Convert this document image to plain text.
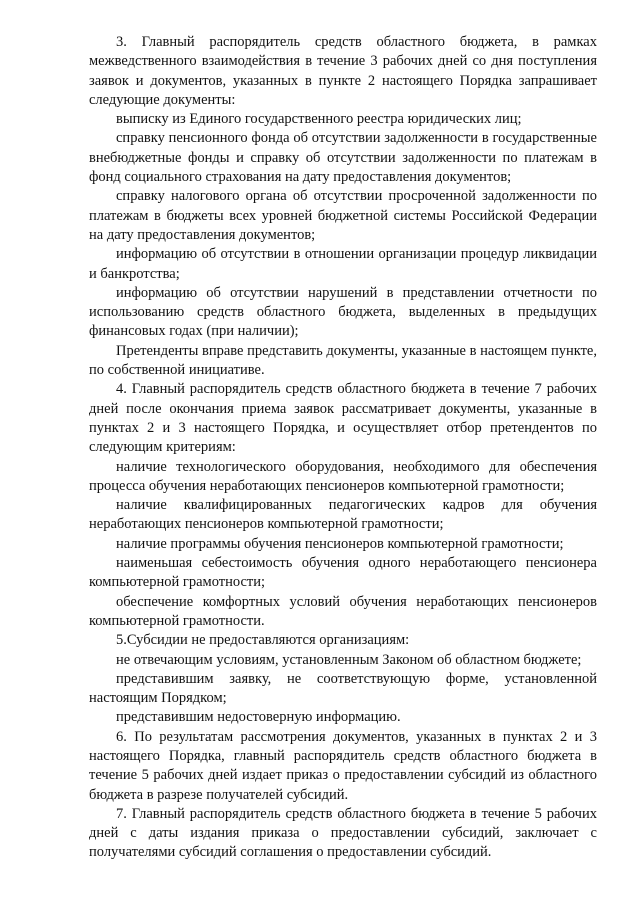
3. Главный распорядитель средств областного бюджета, в рамках межведственного взаимодействия в течение 3 рабочих дней со дня поступления заявок и документов, указанных в пункте 2 настоящего Порядка запрашивает следующие документы:

выписку из Единого государственного реестра юридических лиц;

справку пенсионного фонда об отсутствии задолженности в государственные внебюджетные фонды и справку об отсутствии задолженности по платежам в фонд социального страхования на дату предоставления документов;

справку налогового органа об отсутствии просроченной задолженности по платежам в бюджеты всех уровней бюджетной системы Российской Федерации на дату предоставления документов;

информацию об отсутствии в отношении организации процедур ликвидации и банкротства;

информацию об отсутствии нарушений в представлении отчетности по использованию средств областного бюджета, выделенных в предыдущих финансовых годах (при наличии);

Претенденты вправе представить документы, указанные в настоящем пункте, по собственной инициативе.

4. Главный распорядитель средств областного бюджета в течение 7 рабочих дней после окончания приема заявок рассматривает документы, указанные в пунктах 2 и 3 настоящего Порядка, и осуществляет отбор претендентов по следующим критериям:

наличие технологического оборудования, необходимого для обеспечения процесса обучения неработающих пенсионеров компьютерной грамотности;

наличие квалифицированных педагогических кадров для обучения неработающих пенсионеров компьютерной грамотности;

наличие программы обучения пенсионеров компьютерной грамотности;

наименьшая себестоимость обучения одного неработающего пенсионера компьютерной грамотности;

обеспечение комфортных условий обучения неработающих пенсионеров компьютерной грамотности.

5.Субсидии не предоставляются организациям:

не отвечающим условиям, установленным Законом об областном бюджете;

представившим заявку, не соответствующую форме, установленной настоящим Порядком;

представившим недостоверную информацию.

6. По результатам рассмотрения документов, указанных в пунктах 2 и 3 настоящего Порядка, главный распорядитель средств областного бюджета в течение 5 рабочих дней издает приказ о предоставлении субсидий из областного бюджета в разрезе получателей субсидий.

7. Главный распорядитель средств областного бюджета в течение 5 рабочих дней с даты издания приказа о предоставлении субсидий, заключает с получателями субсидий соглашения о предоставлении субсидий.
